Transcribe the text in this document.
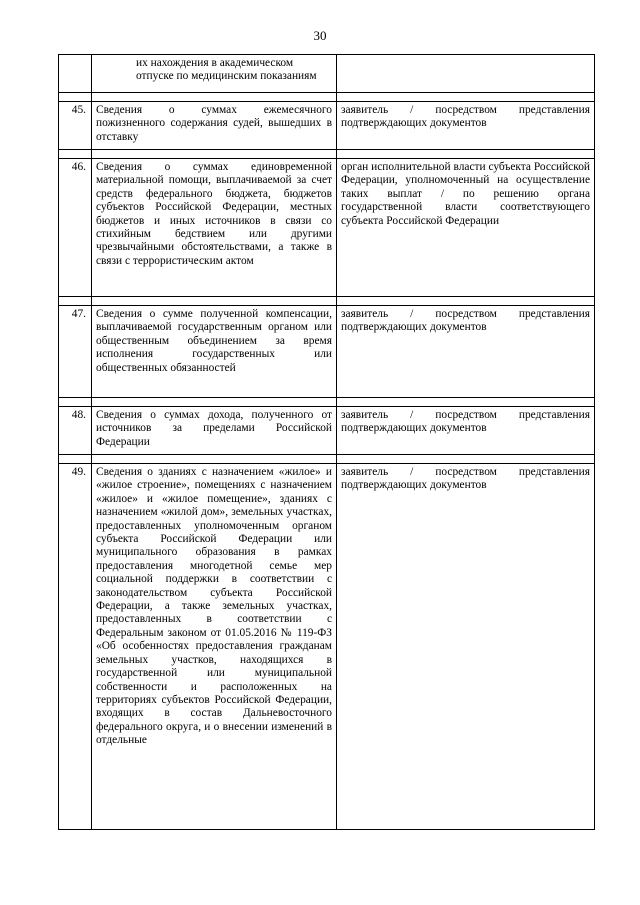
30

	их нахождения в академическом отпуске по медицинским показаниям	

45.	Сведения о суммах ежемесячного пожизненного содержания судей, вышедших в отставку	заявитель / посредством представления подтверждающих документов

46.	Сведения о суммах единовременной материальной помощи, выплачиваемой за счет средств федерального бюджета, бюджетов субъектов Российской Федерации, местных бюджетов и иных источников в связи со стихийным бедствием или другими чрезвычайными обстоятельствами, а также в связи с террористическим актом	орган исполнительной власти субъекта Российской Федерации, уполномоченный на осуществление таких выплат / по решению органа государственной власти соответствующего субъекта Российской Федерации

47.	Сведения о сумме полученной компенсации, выплачиваемой государственным органом или общественным объединением за время исполнения государственных или общественных обязанностей	заявитель / посредством представления подтверждающих документов

48.	Сведения о суммах дохода, полученного от источников за пределами Российской Федерации	заявитель / посредством представления подтверждающих документов

49.	Сведения о зданиях с назначением «жилое» и «жилое строение», помещениях с назначением «жилое» и «жилое помещение», зданиях с назначением «жилой дом», земельных участках, предоставленных уполномоченным органом субъекта Российской Федерации или муниципального образования в рамках предоставления многодетной семье мер социальной поддержки в соответствии с законодательством субъекта Российской Федерации, а также земельных участках, предоставленных в соответствии с Федеральным законом от 01.05.2016 № 119-ФЗ «Об особенностях предоставления гражданам земельных участков, находящихся в государственной или муниципальной собственности и расположенных на территориях субъектов Российской Федерации, входящих в состав Дальневосточного федерального округа, и о внесении изменений в отдельные	заявитель / посредством представления подтверждающих документов
